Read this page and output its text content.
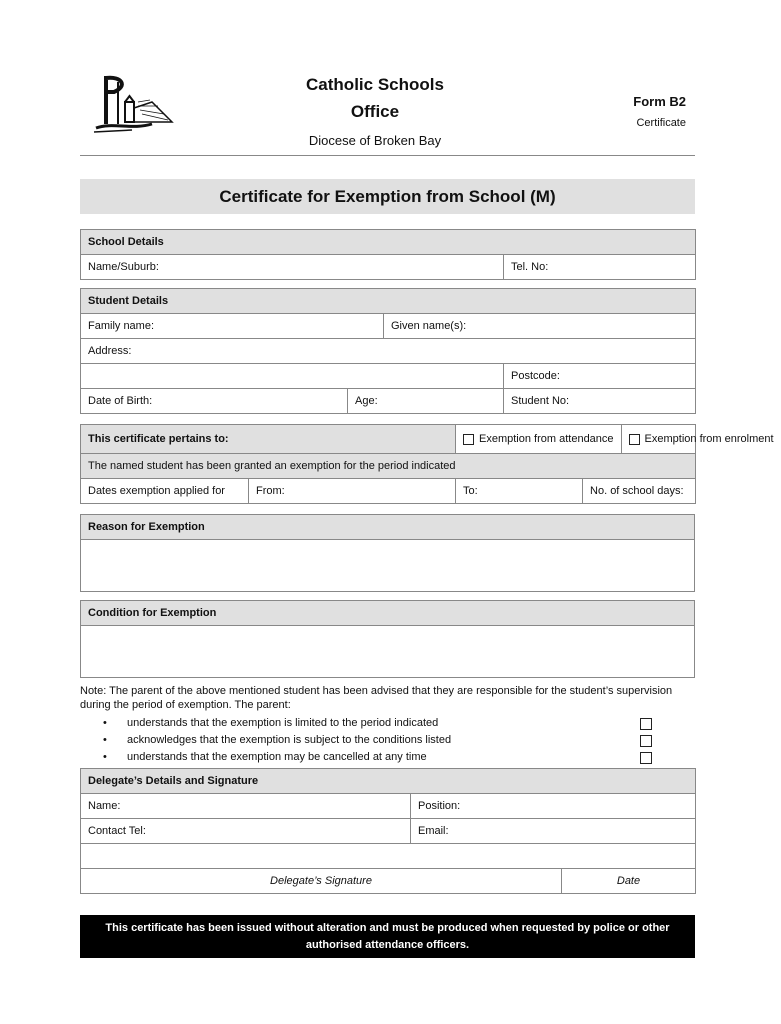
Catholic Schools
Office
Diocese of Broken Bay
Form B2
Certificate
Certificate for Exemption from School (M)
School Details
Name/Suburb:	Tel. No:
Student Details			
Family name:		Given name(s):	
Address:			
			Postcode:
Date of Birth:	Age:		Student No:
This certificate pertains to:		Exemption from attendance Exemption from enrolment

The named student has been granted an exemption for the period indicated		
Dates exemption applied for	From:	To: No. of school days:
Reason for Exemption

Condition for Exemption

Note: The parent of the above mentioned student has been advised that they are responsible for the student’s supervision during the period of exemption. The parent:
• understands that the exemption is limited to the period indicated
• acknowledges that the exemption is subject to the conditions listed
• understands that the exemption may be cancelled at any time
Delegate’s Details and Signature		
Name:	Position:	
Contact Tel:	Email:	

Delegate’s Signature		Date
This certificate has been issued without alteration and must be produced when requested by police or other
authorised attendance officers.
